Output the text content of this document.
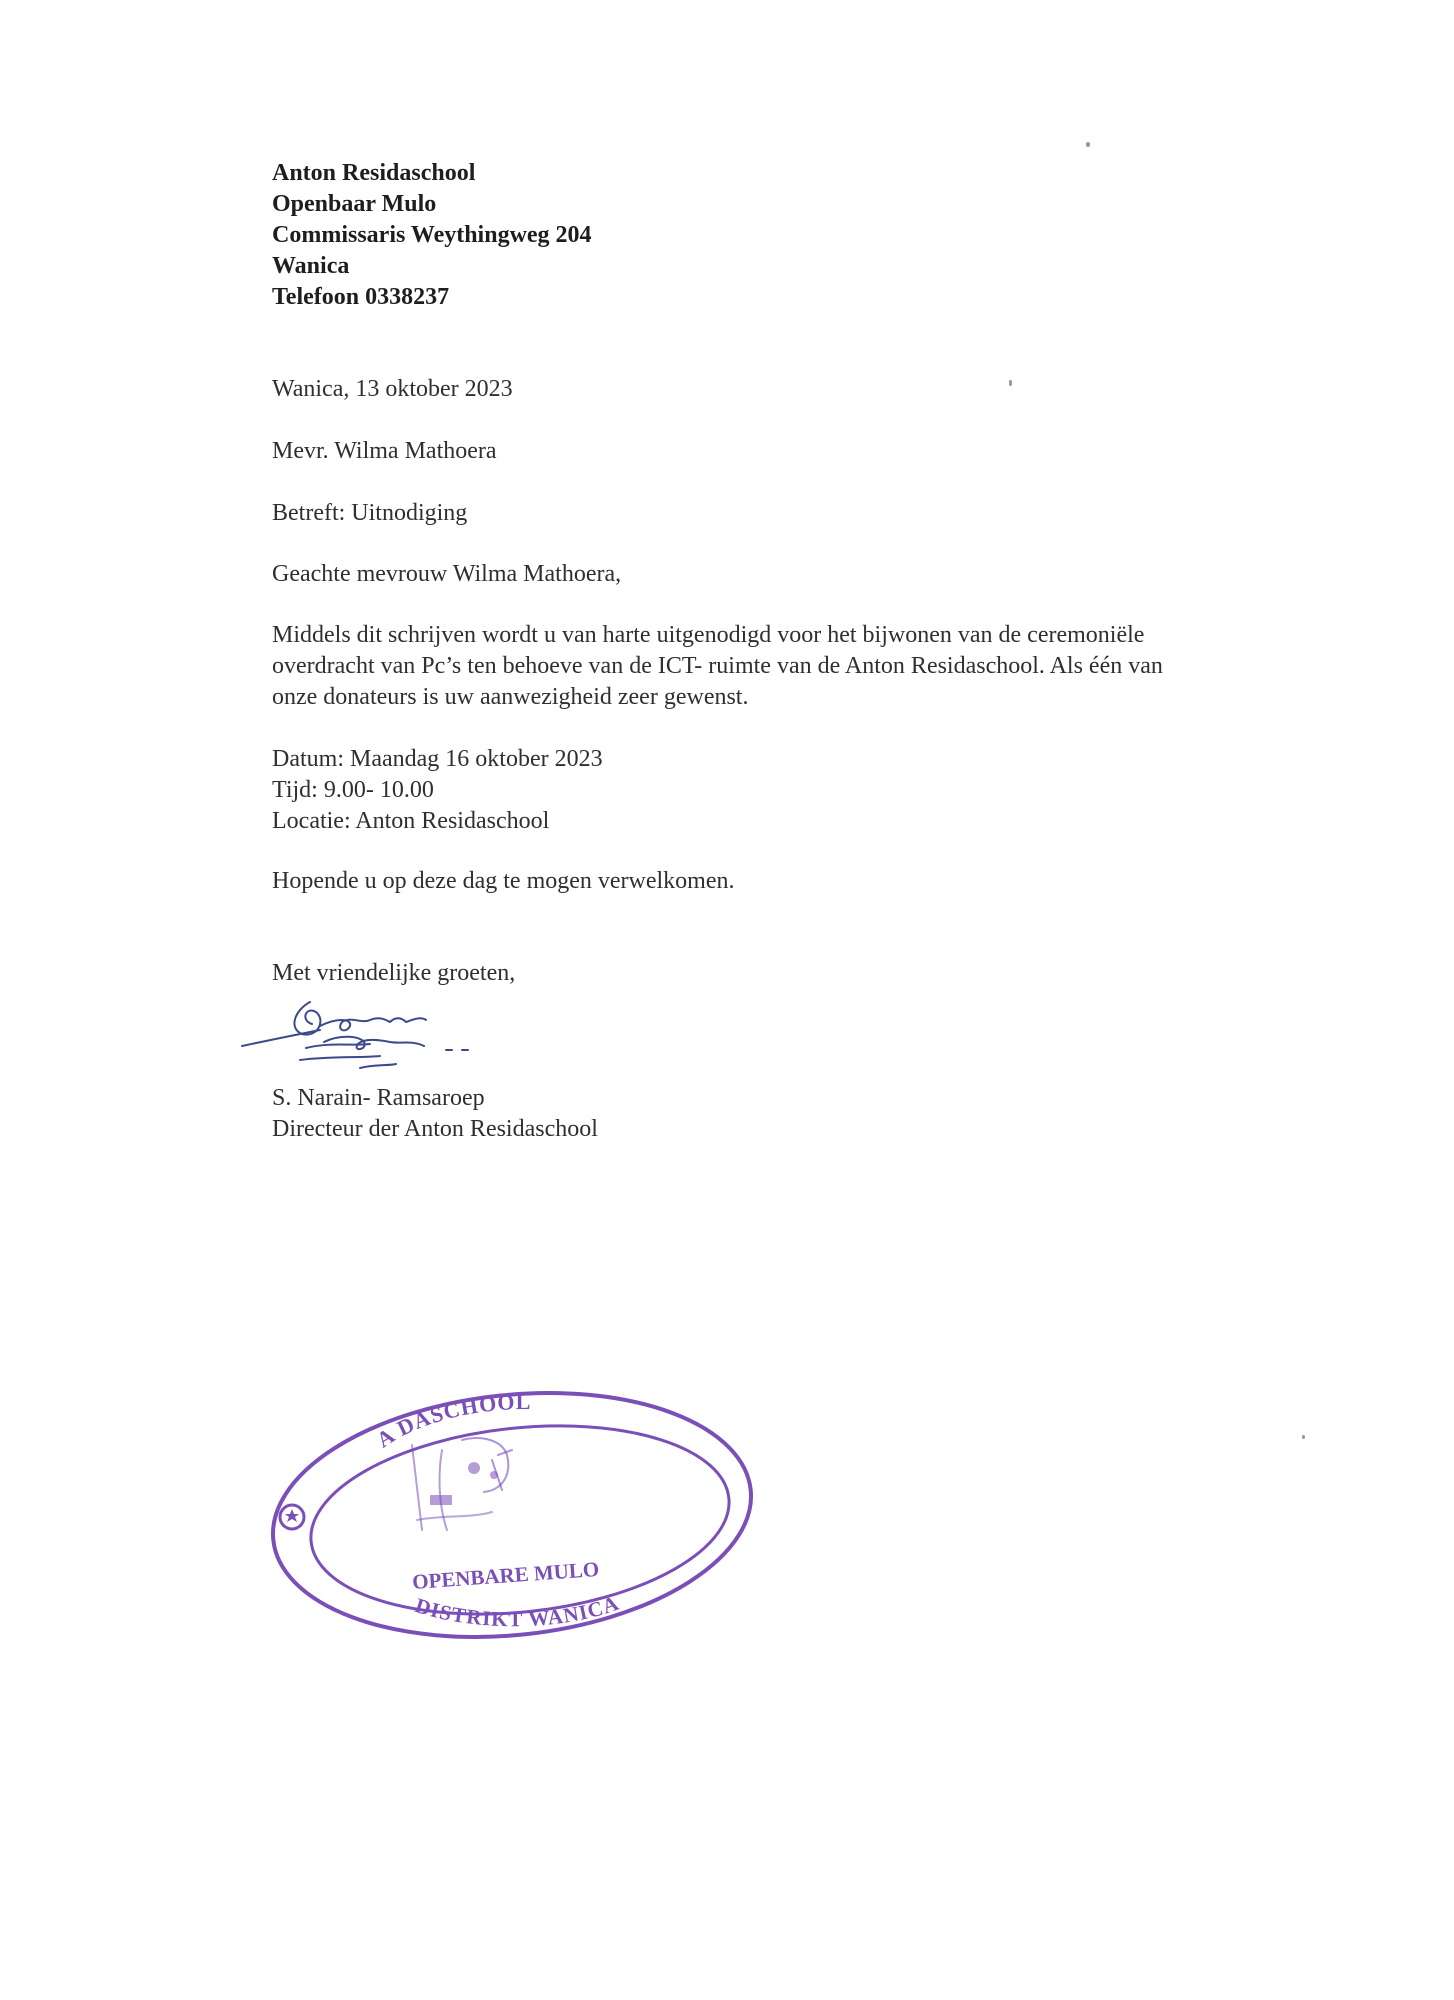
Anton Residaschool
Openbaar Mulo
Commissaris Weythingweg 204
Wanica
Telefoon 0338237
Wanica, 13 oktober 2023
Mevr. Wilma Mathoera
Betreft: Uitnodiging
Geachte mevrouw Wilma Mathoera,
Middels dit schrijven wordt u van harte uitgenodigd voor het bijwonen van de ceremoniële
overdracht van Pc’s ten behoeve van de ICT- ruimte van de Anton Residaschool. Als één van
onze donateurs is uw aanwezigheid zeer gewenst.
Datum: Maandag 16 oktober 2023
Tijd: 9.00- 10.00
Locatie: Anton Residaschool
Hopende u op deze dag te mogen verwelkomen.
Met vriendelijke groeten,
S. Narain- Ramsaroep
Directeur der Anton Residaschool
A DASCHOOL
OPENBARE MULO
DISTRIKT WANICA
